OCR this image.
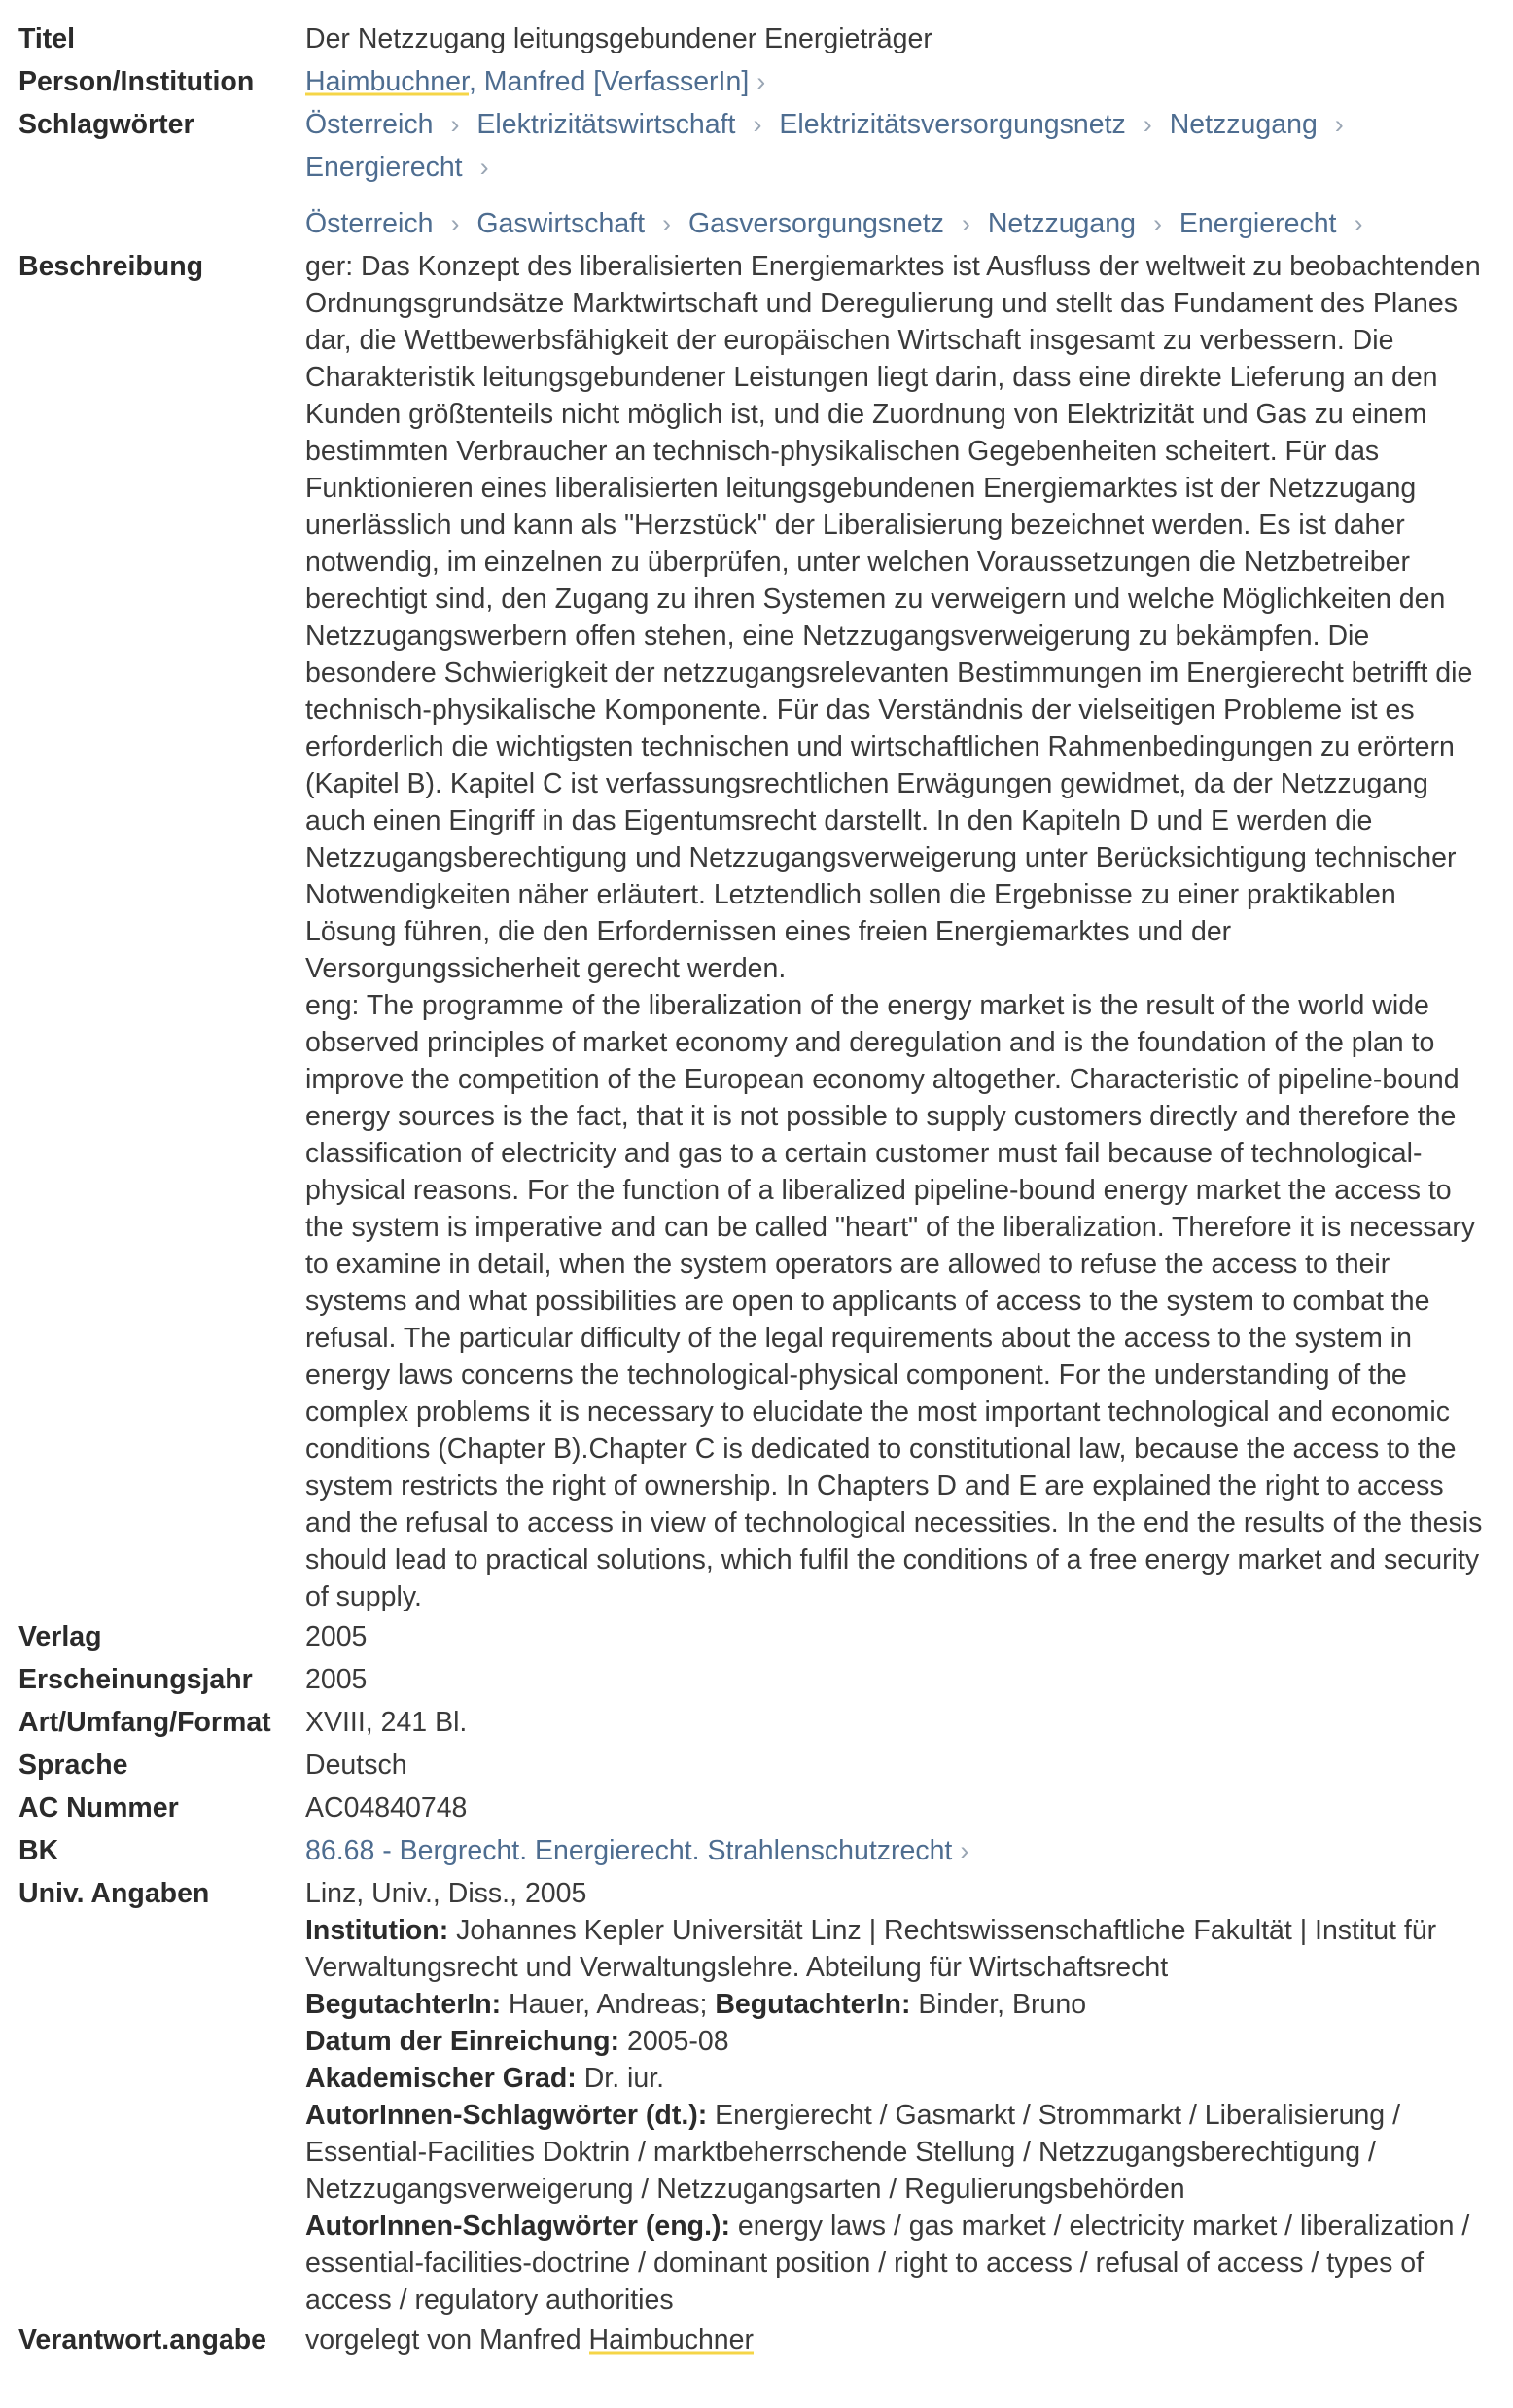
Titel	Der Netzzugang leitungsgebundener Energieträger
Person/Institution	Haimbuchner, Manfred [VerfasserIn] ›
Schlagwörter	Österreich › Elektrizitätswirtschaft › Elektrizitätsversorgungsnetz › Netzzugang › Energierecht ›
Österreich › Gaswirtschaft › Gasversorgungsnetz › Netzzugang › Energierecht ›
Beschreibung	ger: Das Konzept des liberalisierten Energiemarktes ist Ausfluss der weltweit zu beobachtenden Ordnungsgrundsätze Marktwirtschaft und Deregulierung und stellt das Fundament des Planes dar, die Wettbewerbsfähigkeit der europäischen Wirtschaft insgesamt zu verbessern. Die Charakteristik leitungsgebundener Leistungen liegt darin, dass eine direkte Lieferung an den Kunden größtenteils nicht möglich ist, und die Zuordnung von Elektrizität und Gas zu einem bestimmten Verbraucher an technisch-physikalischen Gegebenheiten scheitert. Für das Funktionieren eines liberalisierten leitungsgebundenen Energiemarktes ist der Netzzugang unerlässlich und kann als "Herzstück" der Liberalisierung bezeichnet werden. Es ist daher notwendig, im einzelnen zu überprüfen, unter welchen Voraussetzungen die Netzbetreiber berechtigt sind, den Zugang zu ihren Systemen zu verweigern und welche Möglichkeiten den Netzzugangswerbern offen stehen, eine Netzzugangsverweigerung zu bekämpfen. Die besondere Schwierigkeit der netzzugangsrelevanten Bestimmungen im Energierecht betrifft die technisch-physikalische Komponente. Für das Verständnis der vielseitigen Probleme ist es erforderlich die wichtigsten technischen und wirtschaftlichen Rahmenbedingungen zu erörtern (Kapitel B). Kapitel C ist verfassungsrechtlichen Erwägungen gewidmet, da der Netzzugang auch einen Eingriff in das Eigentumsrecht darstellt. In den Kapiteln D und E werden die Netzzugangsberechtigung und Netzzugangsverweigerung unter Berücksichtigung technischer Notwendigkeiten näher erläutert. Letztendlich sollen die Ergebnisse zu einer praktikablen Lösung führen, die den Erfordernissen eines freien Energiemarktes und der Versorgungssicherheit gerecht werden.

eng: The programme of the liberalization of the energy market is the result of the world wide observed principles of market economy and deregulation and is the foundation of the plan to improve the competition of the European economy altogether. Characteristic of pipeline-bound energy sources is the fact, that it is not possible to supply customers directly and therefore the classification of electricity and gas to a certain customer must fail because of technological-physical reasons. For the function of a liberalized pipeline-bound energy market the access to the system is imperative and can be called "heart" of the liberalization. Therefore it is necessary to examine in detail, when the system operators are allowed to refuse the access to their systems and what possibilities are open to applicants of access to the system to combat the refusal. The particular difficulty of the legal requirements about the access to the system in energy laws concerns the technological-physical component. For the understanding of the complex problems it is necessary to elucidate the most important technological and economic conditions (Chapter B).Chapter C is dedicated to constitutional law, because the access to the system restricts the right of ownership. In Chapters D and E are explained the right to access and the refusal to access in view of technological necessities. In the end the results of the thesis should lead to practical solutions, which fulfil the conditions of a free energy market and security of supply.

Verlag	2005
Erscheinungsjahr	2005
Art/Umfang/Format	XVIII, 241 Bl.
Sprache	Deutsch
AC Nummer	AC04840748
BK	86.68 - Bergrecht. Energierecht. Strahlenschutzrecht ›
Univ. Angaben	Linz, Univ., Diss., 2005
Institution: Johannes Kepler Universität Linz | Rechtswissenschaftliche Fakultät | Institut für Verwaltungsrecht und Verwaltungslehre. Abteilung für Wirtschaftsrecht
BegutachterIn: Hauer, Andreas; BegutachterIn: Binder, Bruno
Datum der Einreichung: 2005-08
Akademischer Grad: Dr. iur.
AutorInnen-Schlagwörter (dt.): Energierecht / Gasmarkt / Strommarkt / Liberalisierung / Essential-Facilities Doktrin / marktbeherrschende Stellung / Netzzugangsberechtigung / Netzzugangsverweigerung / Netzzugangsarten / Regulierungsbehörden
AutorInnen-Schlagwörter (eng.): energy laws / gas market / electricity market / liberalization / essential-facilities-doctrine / dominant position / right to access / refusal of access / types of access / regulatory authorities
Verantwort.angabe	vorgelegt von Manfred Haimbuchner
